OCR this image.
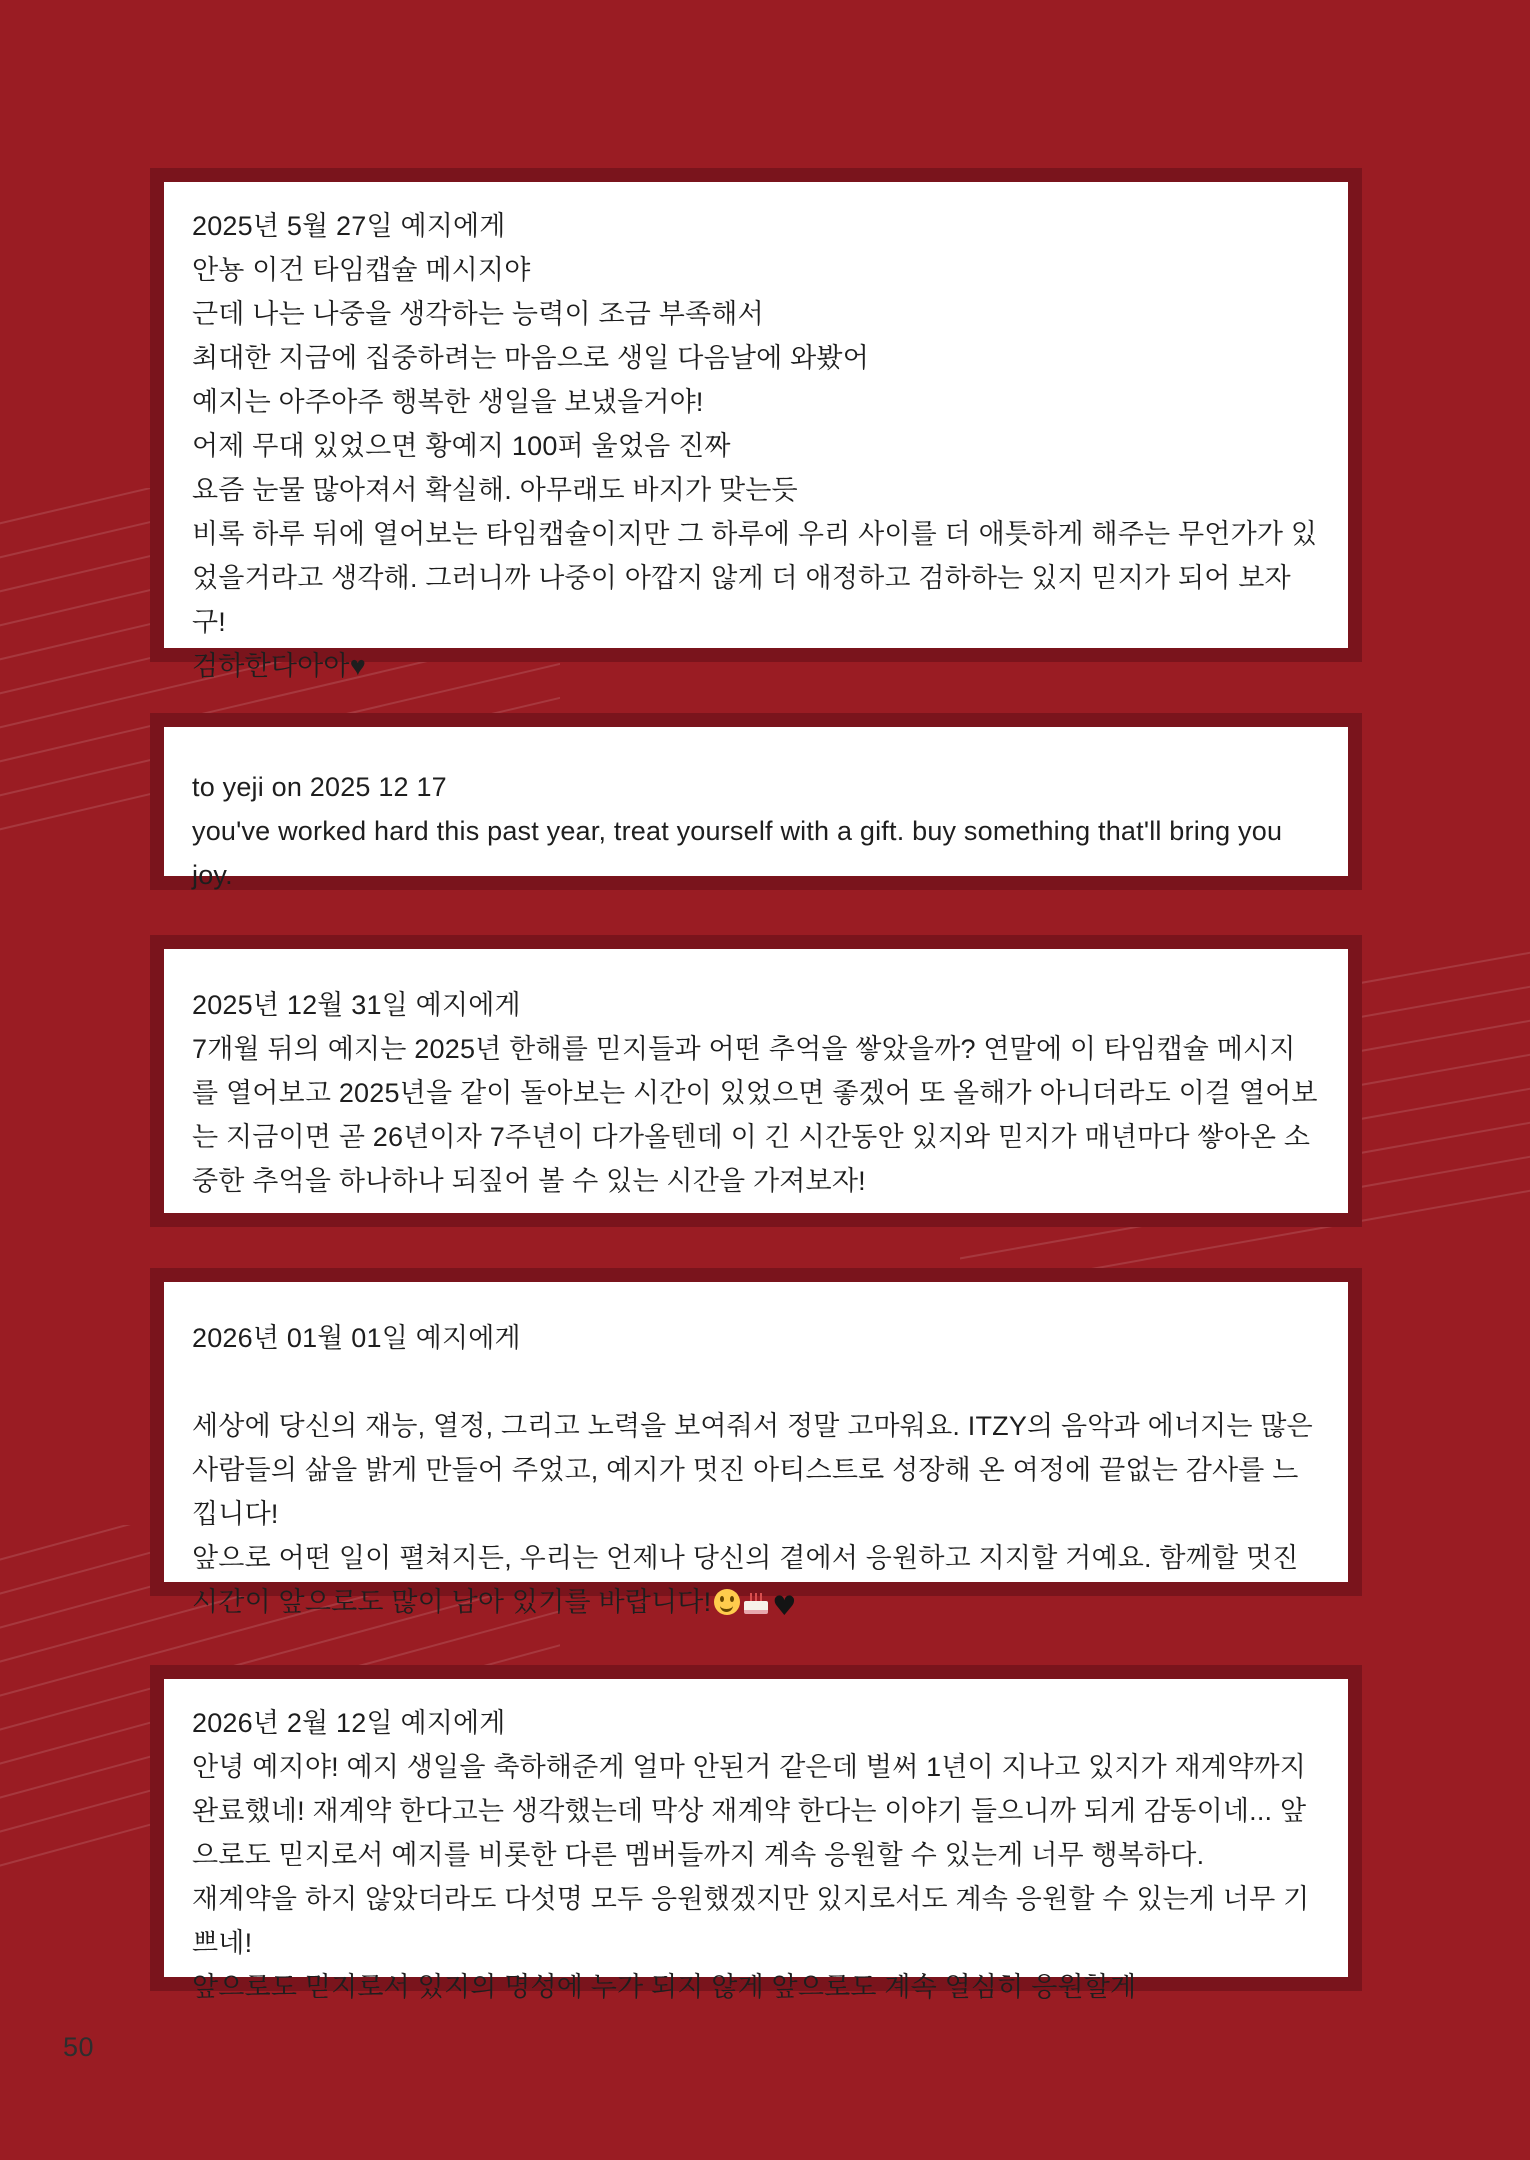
2025년 5월 27일 예지에게

안뇽 이건 타임캡슐 메시지야

근데 나는 나중을 생각하는 능력이 조금 부족해서

최대한 지금에 집중하려는 마음으로 생일 다음날에 와봤어

예지는 아주아주 행복한 생일을 보냈을거야!

어제 무대 있었으면 황예지 100퍼 울었음 진짜

요즘 눈물 많아져서 확실해. 아무래도 바지가 맞는듯

비록 하루 뒤에 열어보는 타임캡슐이지만 그 하루에 우리 사이를 더 애틋하게 해주는 무언가가 있었을거라고 생각해. 그러니까 나중이 아깝지 않게 더 애정하고 검하하는 있지 믿지가 되어 보자구!

검하한다아아♥

to yeji on 2025 12 17

you've worked hard this past year, treat yourself with a gift. buy something that'll bring you joy.

2025년 12월 31일 예지에게

7개월 뒤의 예지는 2025년 한해를 믿지들과 어떤 추억을 쌓았을까? 연말에 이 타임캡슐 메시지를 열어보고 2025년을 같이 돌아보는 시간이 있었으면 좋겠어 또 올해가 아니더라도 이걸 열어보는 지금이면 곧 26년이자 7주년이 다가올텐데 이 긴 시간동안 있지와 믿지가 매년마다 쌓아온 소중한 추억을 하나하나 되짚어 볼 수 있는 시간을 가져보자!

2026년 01월 01일 예지에게

세상에 당신의 재능, 열정, 그리고 노력을 보여줘서 정말 고마워요. ITZY의 음악과 에너지는 많은 사람들의 삶을 밝게 만들어 주었고, 예지가 멋진 아티스트로 성장해 온 여정에 끝없는 감사를 느낍니다!

앞으로 어떤 일이 펼쳐지든, 우리는 언제나 당신의 곁에서 응원하고 지지할 거예요. 함께할 멋진 시간이 앞으로도 많이 남아 있기를 바랍니다! ♥

2026년 2월 12일 예지에게

안녕 예지야! 예지 생일을 축하해준게 얼마 안된거 같은데 벌써 1년이 지나고 있지가 재계약까지 완료했네! 재계약 한다고는 생각했는데 막상 재계약 한다는 이야기 들으니까 되게 감동이네... 앞으로도 믿지로서 예지를 비롯한 다른 멤버들까지 계속 응원할 수 있는게 너무 행복하다.

재계약을 하지 않았더라도 다섯명 모두 응원했겠지만 있지로서도 계속 응원할 수 있는게 너무 기쁘네!

앞으로도 믿지로서 있지의 명성에 누가 되지 않게 앞으로도 계속 열심히 응원할게

50
